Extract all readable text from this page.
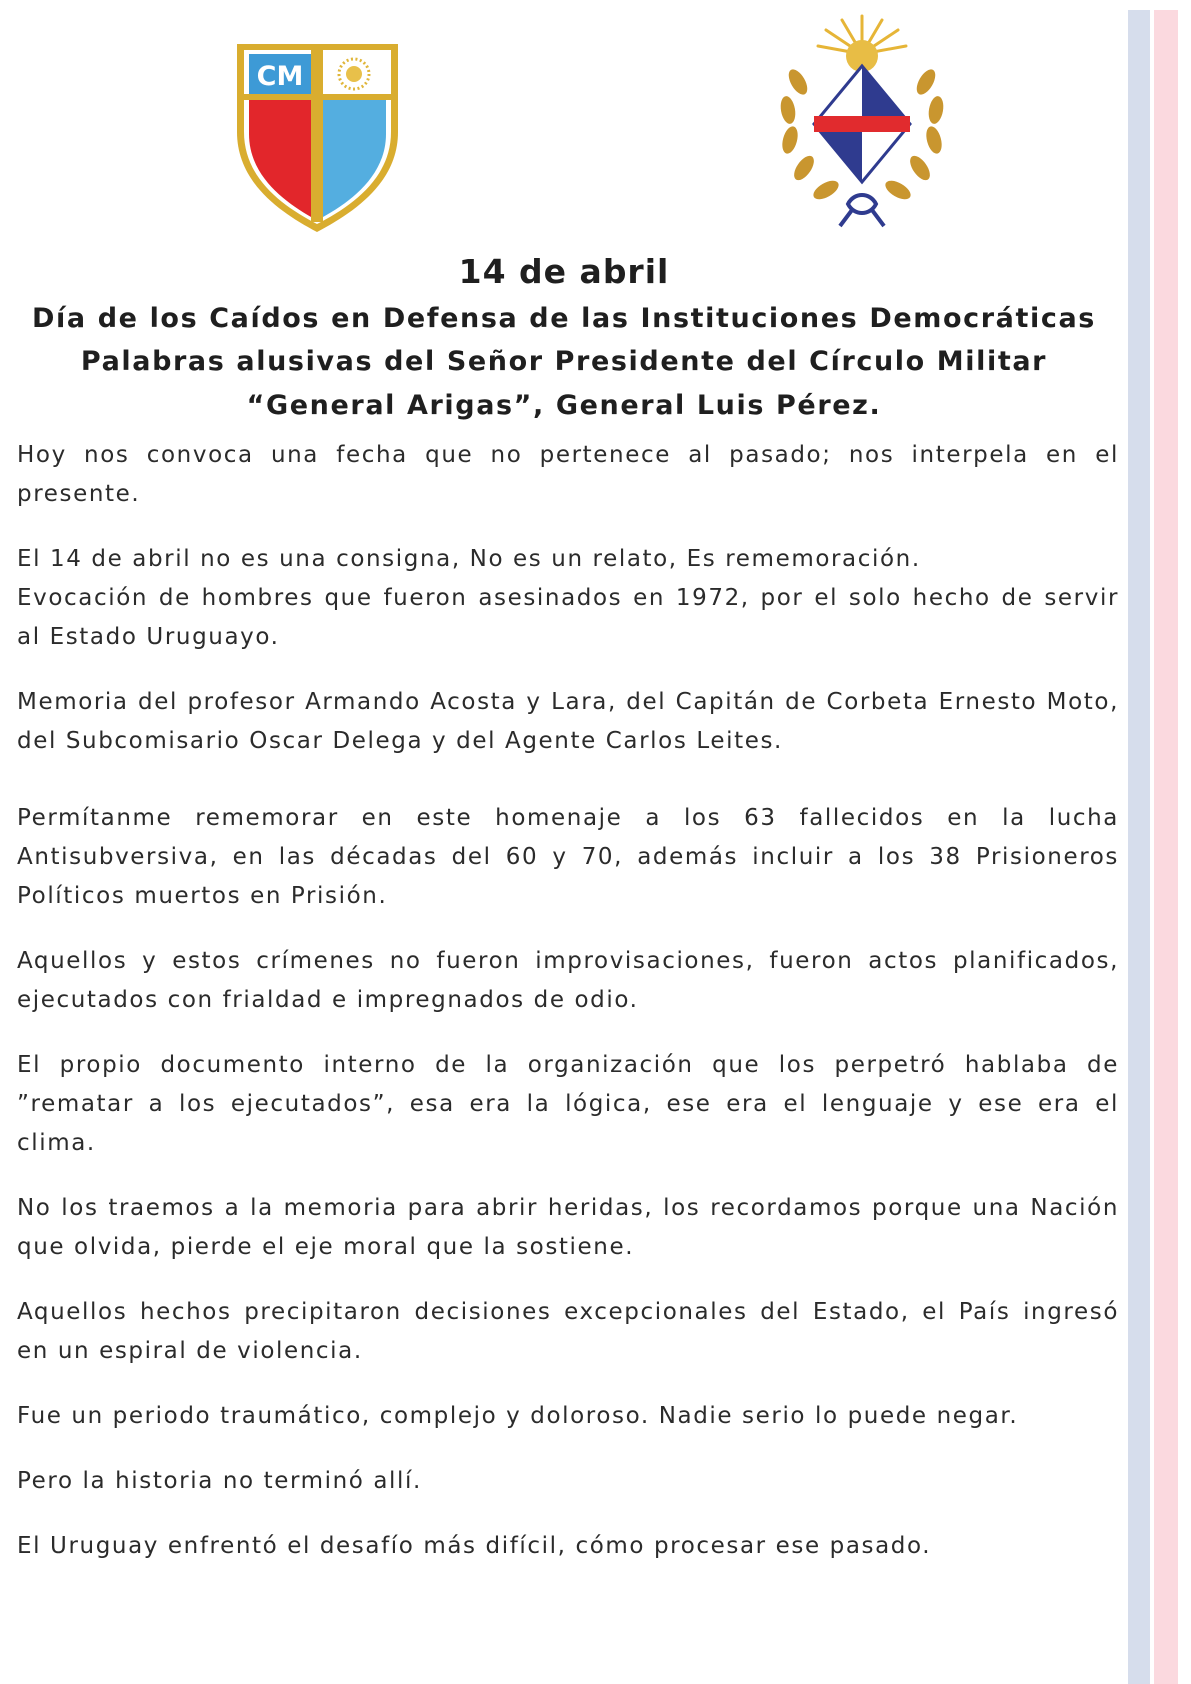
CM
14 de abril
Día de los Caídos en Defensa de las Instituciones Democráticas
Palabras alusivas del Señor Presidente del Círculo Militar
“General Arigas”, General Luis Pérez.

Hoy nos convoca una fecha que no pertenece al pasado; nos interpela en el presente.

El 14 de abril no es una consigna, No es un relato, Es rememoración.

Evocación de hombres que fueron asesinados en 1972, por el solo hecho de servir al Estado Uruguayo.

Memoria del profesor Armando Acosta y Lara, del Capitán de Corbeta Ernesto Moto, del Subcomisario Oscar Delega y del Agente Carlos Leites.

Permítanme rememorar en este homenaje a los 63 fallecidos en la lucha Antisubversiva, en las décadas del 60 y 70, además incluir a los 38 Prisioneros Políticos muertos en Prisión.

Aquellos y estos crímenes no fueron improvisaciones, fueron actos planificados, ejecutados con frialdad e impregnados de odio.

El propio documento interno de la organización que los perpetró hablaba de ”rematar a los ejecutados”, esa era la lógica, ese era el lenguaje y ese era el clima.

No los traemos a la memoria para abrir heridas, los recordamos porque una Nación que olvida, pierde el eje moral que la sostiene.

Aquellos hechos precipitaron decisiones excepcionales del Estado, el País ingresó en un espiral de violencia.

Fue un periodo traumático, complejo y doloroso. Nadie serio lo puede negar.

Pero la historia no terminó allí.

El Uruguay enfrentó el desafío más difícil, cómo procesar ese pasado.
